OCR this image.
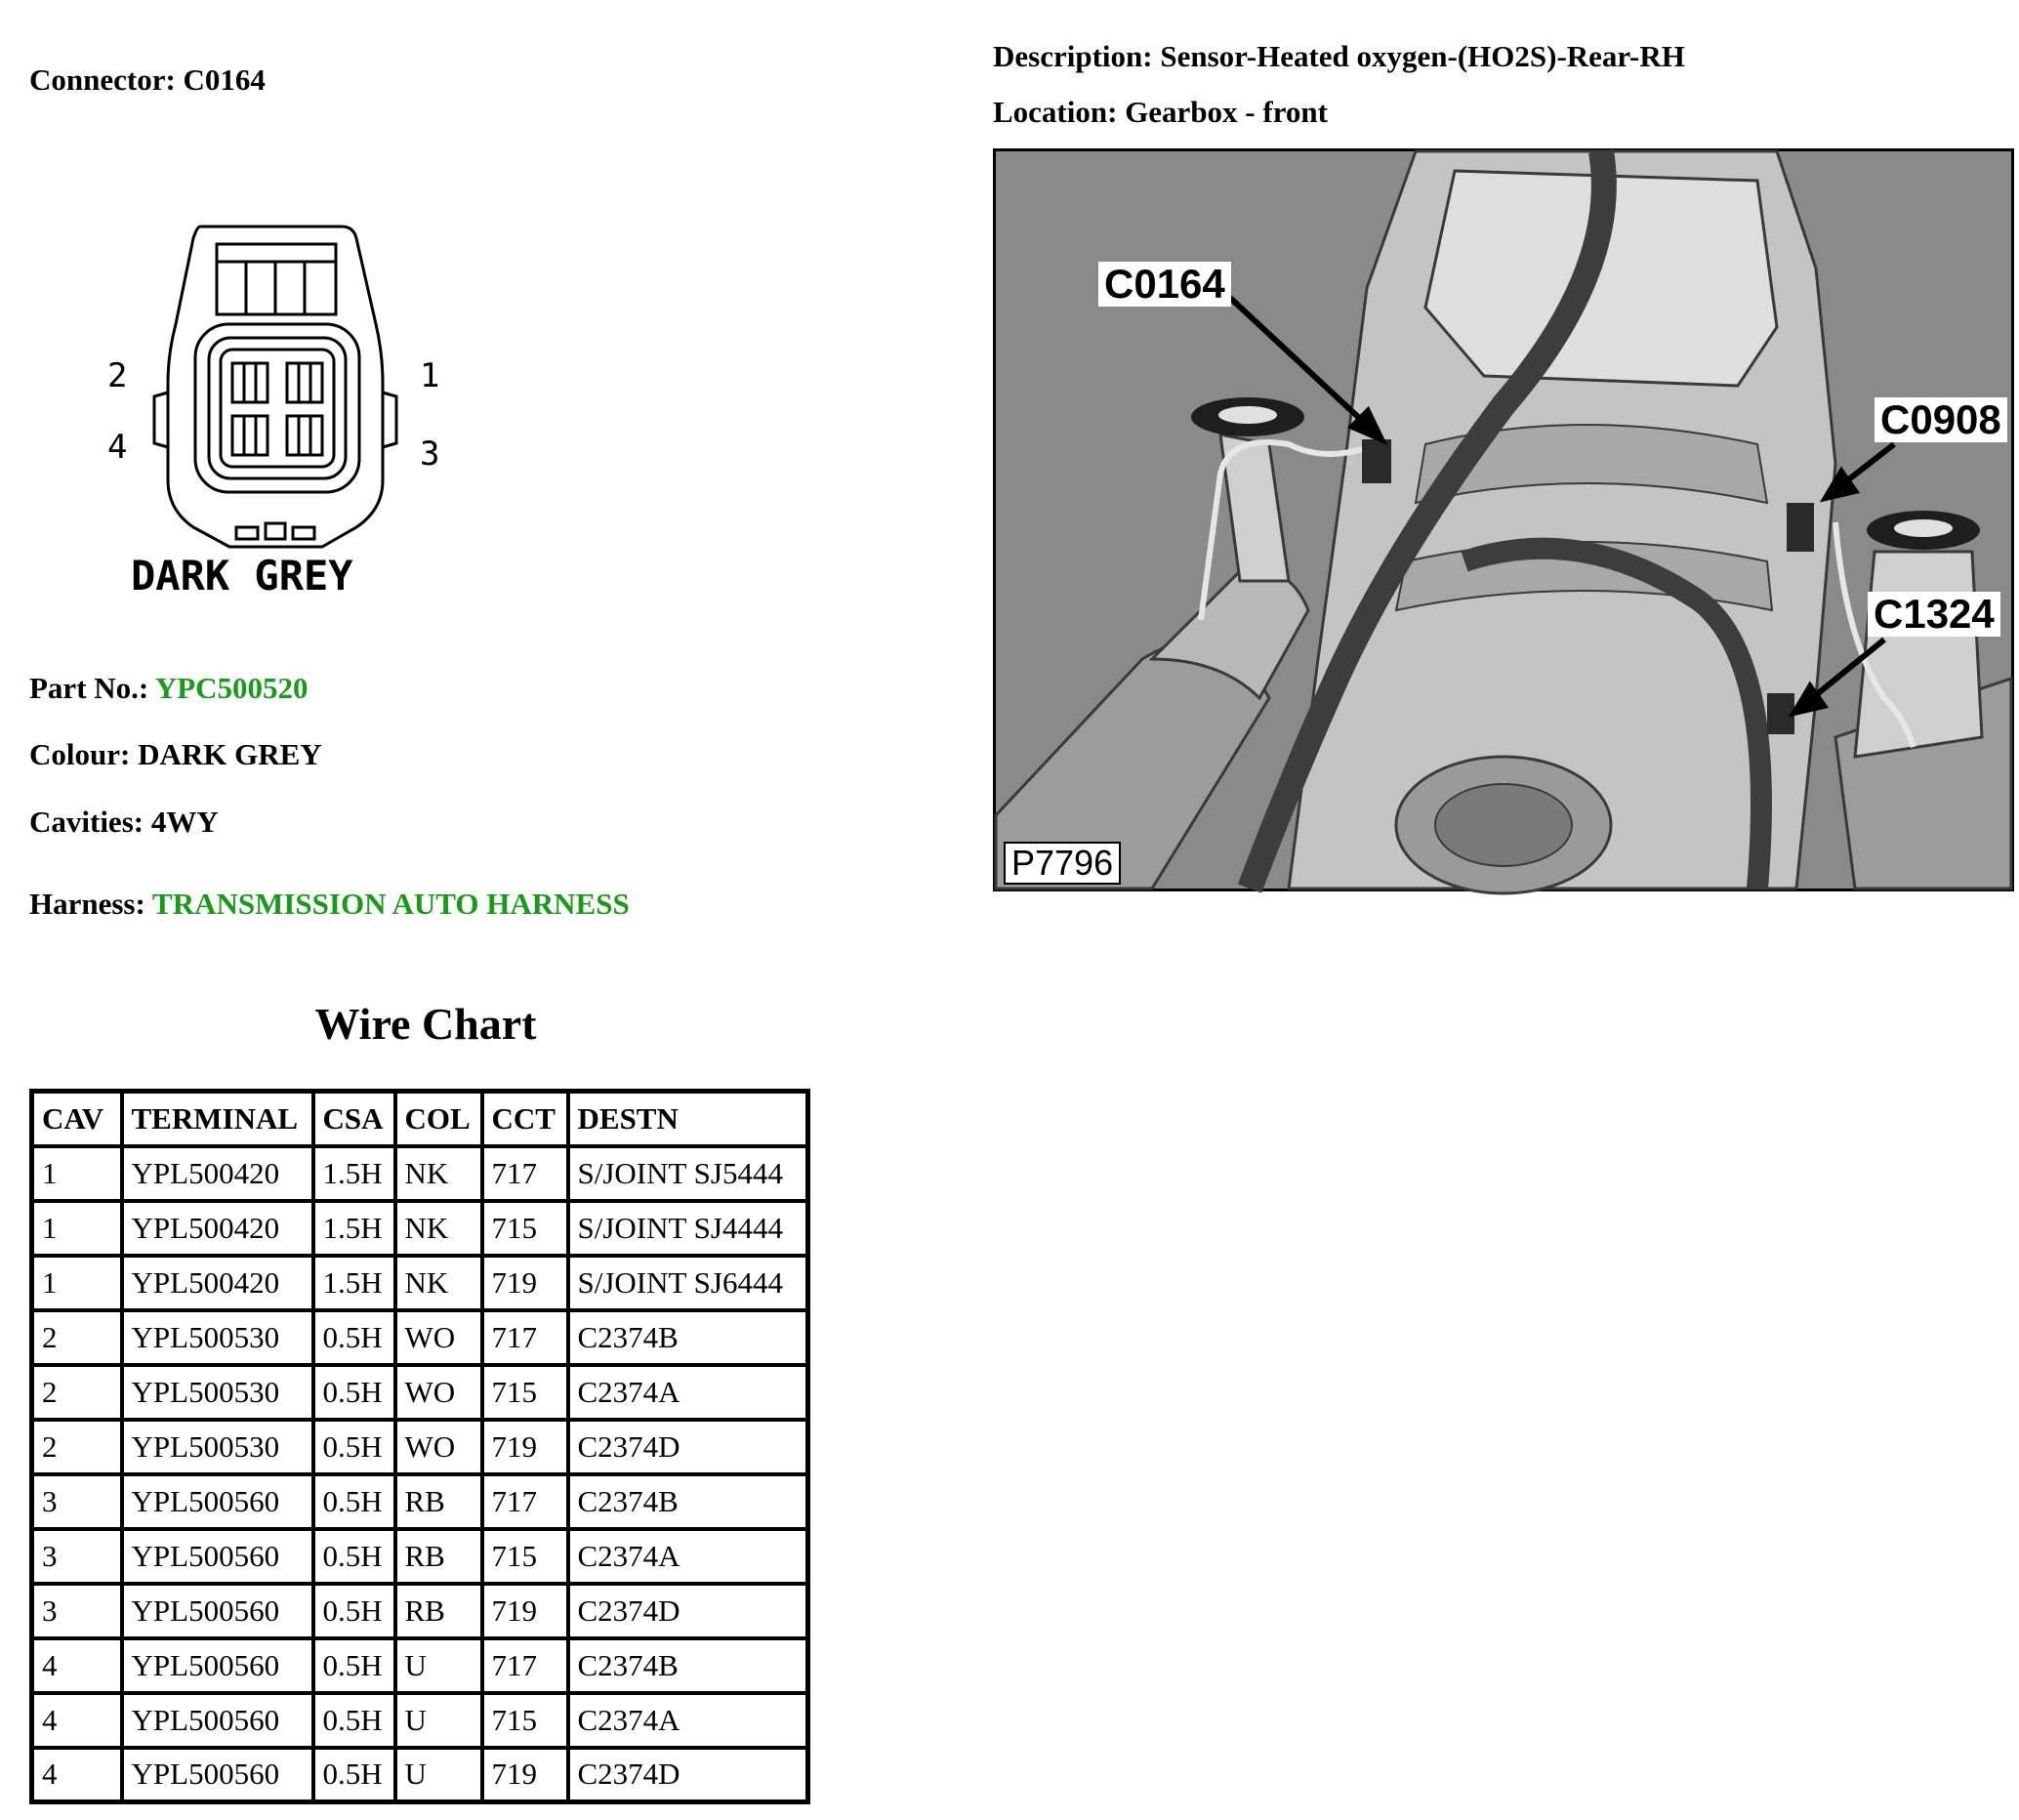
Connector: C0164
2	1
4	3
DARK GREY
Part No.: YPC500520
Colour: DARK GREY
Cavities: 4WY
Harness: TRANSMISSION AUTO HARNESS
Description: Sensor-Heated oxygen-(HO2S)-Rear-RH
Location: Gearbox - front
C0164
C0908
C1324
P7796
Wire Chart
CAV	TERMINAL	CSA	COL	CCT	DESTN
1	YPL500420	1.5H	NK	717	S/JOINT SJ5444
1	YPL500420	1.5H	NK	715	S/JOINT SJ4444
1	YPL500420	1.5H	NK	719	S/JOINT SJ6444
2	YPL500530	0.5H	WO	717	C2374B
2	YPL500530	0.5H	WO	715	C2374A
2	YPL500530	0.5H	WO	719	C2374D
3	YPL500560	0.5H	RB	717	C2374B
3	YPL500560	0.5H	RB	715	C2374A
3	YPL500560	0.5H	RB	719	C2374D
4	YPL500560	0.5H	U	717	C2374B
4	YPL500560	0.5H	U	715	C2374A
4	YPL500560	0.5H	U	719	C2374D
